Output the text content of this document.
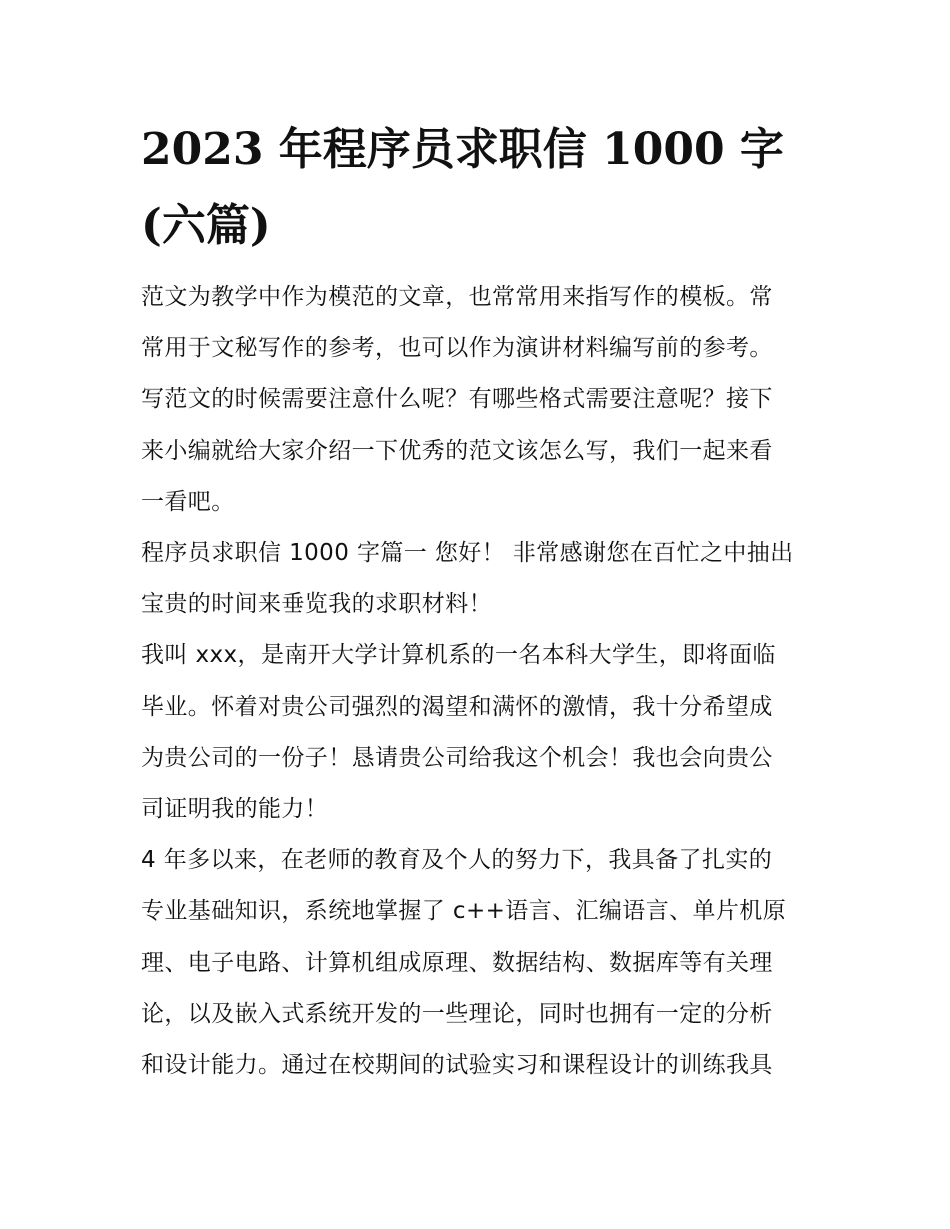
2023 年程序员求职信 1000 字
(六篇)

范文为教学中作为模范的文章，也常常用来指写作的模板。常
常用于文秘写作的参考，也可以作为演讲材料编写前的参考。
写范文的时候需要注意什么呢？有哪些格式需要注意呢？接下
来小编就给大家介绍一下优秀的范文该怎么写，我们一起来看
一看吧。

程序员求职信 1000 字篇一 您好！ 非常感谢您在百忙之中抽出
宝贵的时间来垂览我的求职材料！

我叫 xxx，是南开大学计算机系的一名本科大学生，即将面临
毕业。怀着对贵公司强烈的渴望和满怀的激情，我十分希望成
为贵公司的一份子！恳请贵公司给我这个机会！我也会向贵公
司证明我的能力！

4 年多以来，在老师的教育及个人的努力下，我具备了扎实的
专业基础知识，系统地掌握了 c++语言、汇编语言、单片机原
理、电子电路、计算机组成原理、数据结构、数据库等有关理
论，以及嵌入式系统开发的一些理论，同时也拥有一定的分析
和设计能力。通过在校期间的试验实习和课程设计的训练我具
